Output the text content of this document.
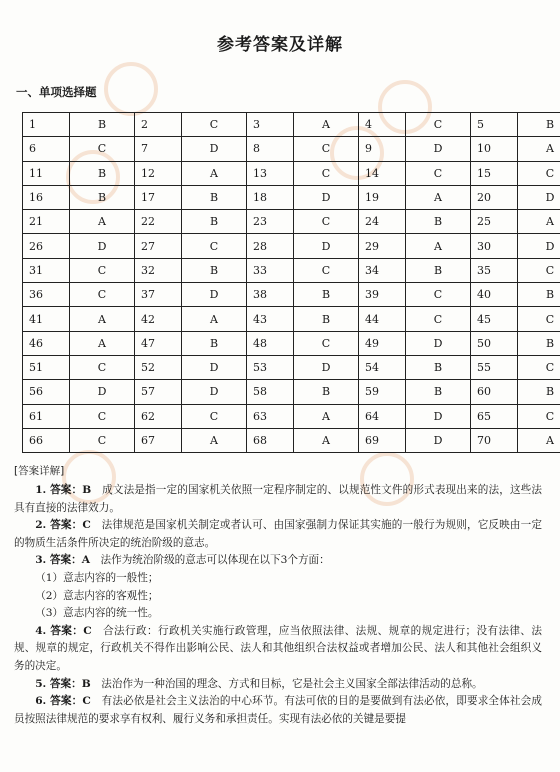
参考答案及详解
一、单项选择题
1	B	2	C	3	A	4	C	5	B
6	C	7	D	8	C	9	D	10	A
11	B	12	A	13	C	14	C	15	C
16	B	17	B	18	D	19	A	20	D
21	A	22	B	23	C	24	B	25	A
26	D	27	C	28	D	29	A	30	D
31	C	32	B	33	C	34	B	35	C
36	C	37	D	38	B	39	C	40	B
41	A	42	A	43	B	44	C	45	C
46	A	47	B	48	C	49	D	50	B
51	C	52	D	53	D	54	B	55	C
56	D	57	D	58	B	59	B	60	B
61	C	62	C	63	A	64	D	65	C
66	C	67	A	68	A	69	D	70	A
[答案详解]

1. 答案：B　 成文法是指一定的国家机关依照一定程序制定的、以规范性文件的形式表现出来的法，这些法具有直接的法律效力。

2. 答案：C　 法律规范是国家机关制定或者认可、由国家强制力保证其实施的一般行为规则，它反映由一定的物质生活条件所决定的统治阶级的意志。

3. 答案：A　 法作为统治阶级的意志可以体现在以下3个方面：

（1）意志内容的一般性；

（2）意志内容的客观性；

（3）意志内容的统一性。

4. 答案：C　 合法行政：行政机关实施行政管理，应当依照法律、法规、规章的规定进行；没有法律、法规、规章的规定，行政机关不得作出影响公民、法人和其他组织合法权益或者增加公民、法人和其他社会组织义务的决定。

5. 答案：B　 法治作为一种治国的理念、方式和目标，它是社会主义国家全部法律活动的总称。

6. 答案：C　 有法必依是社会主义法治的中心环节。有法可依的目的是要做到有法必依，即要求全体社会成员按照法律规范的要求享有权利、履行义务和承担责任。实现有法必依的关键是要提
